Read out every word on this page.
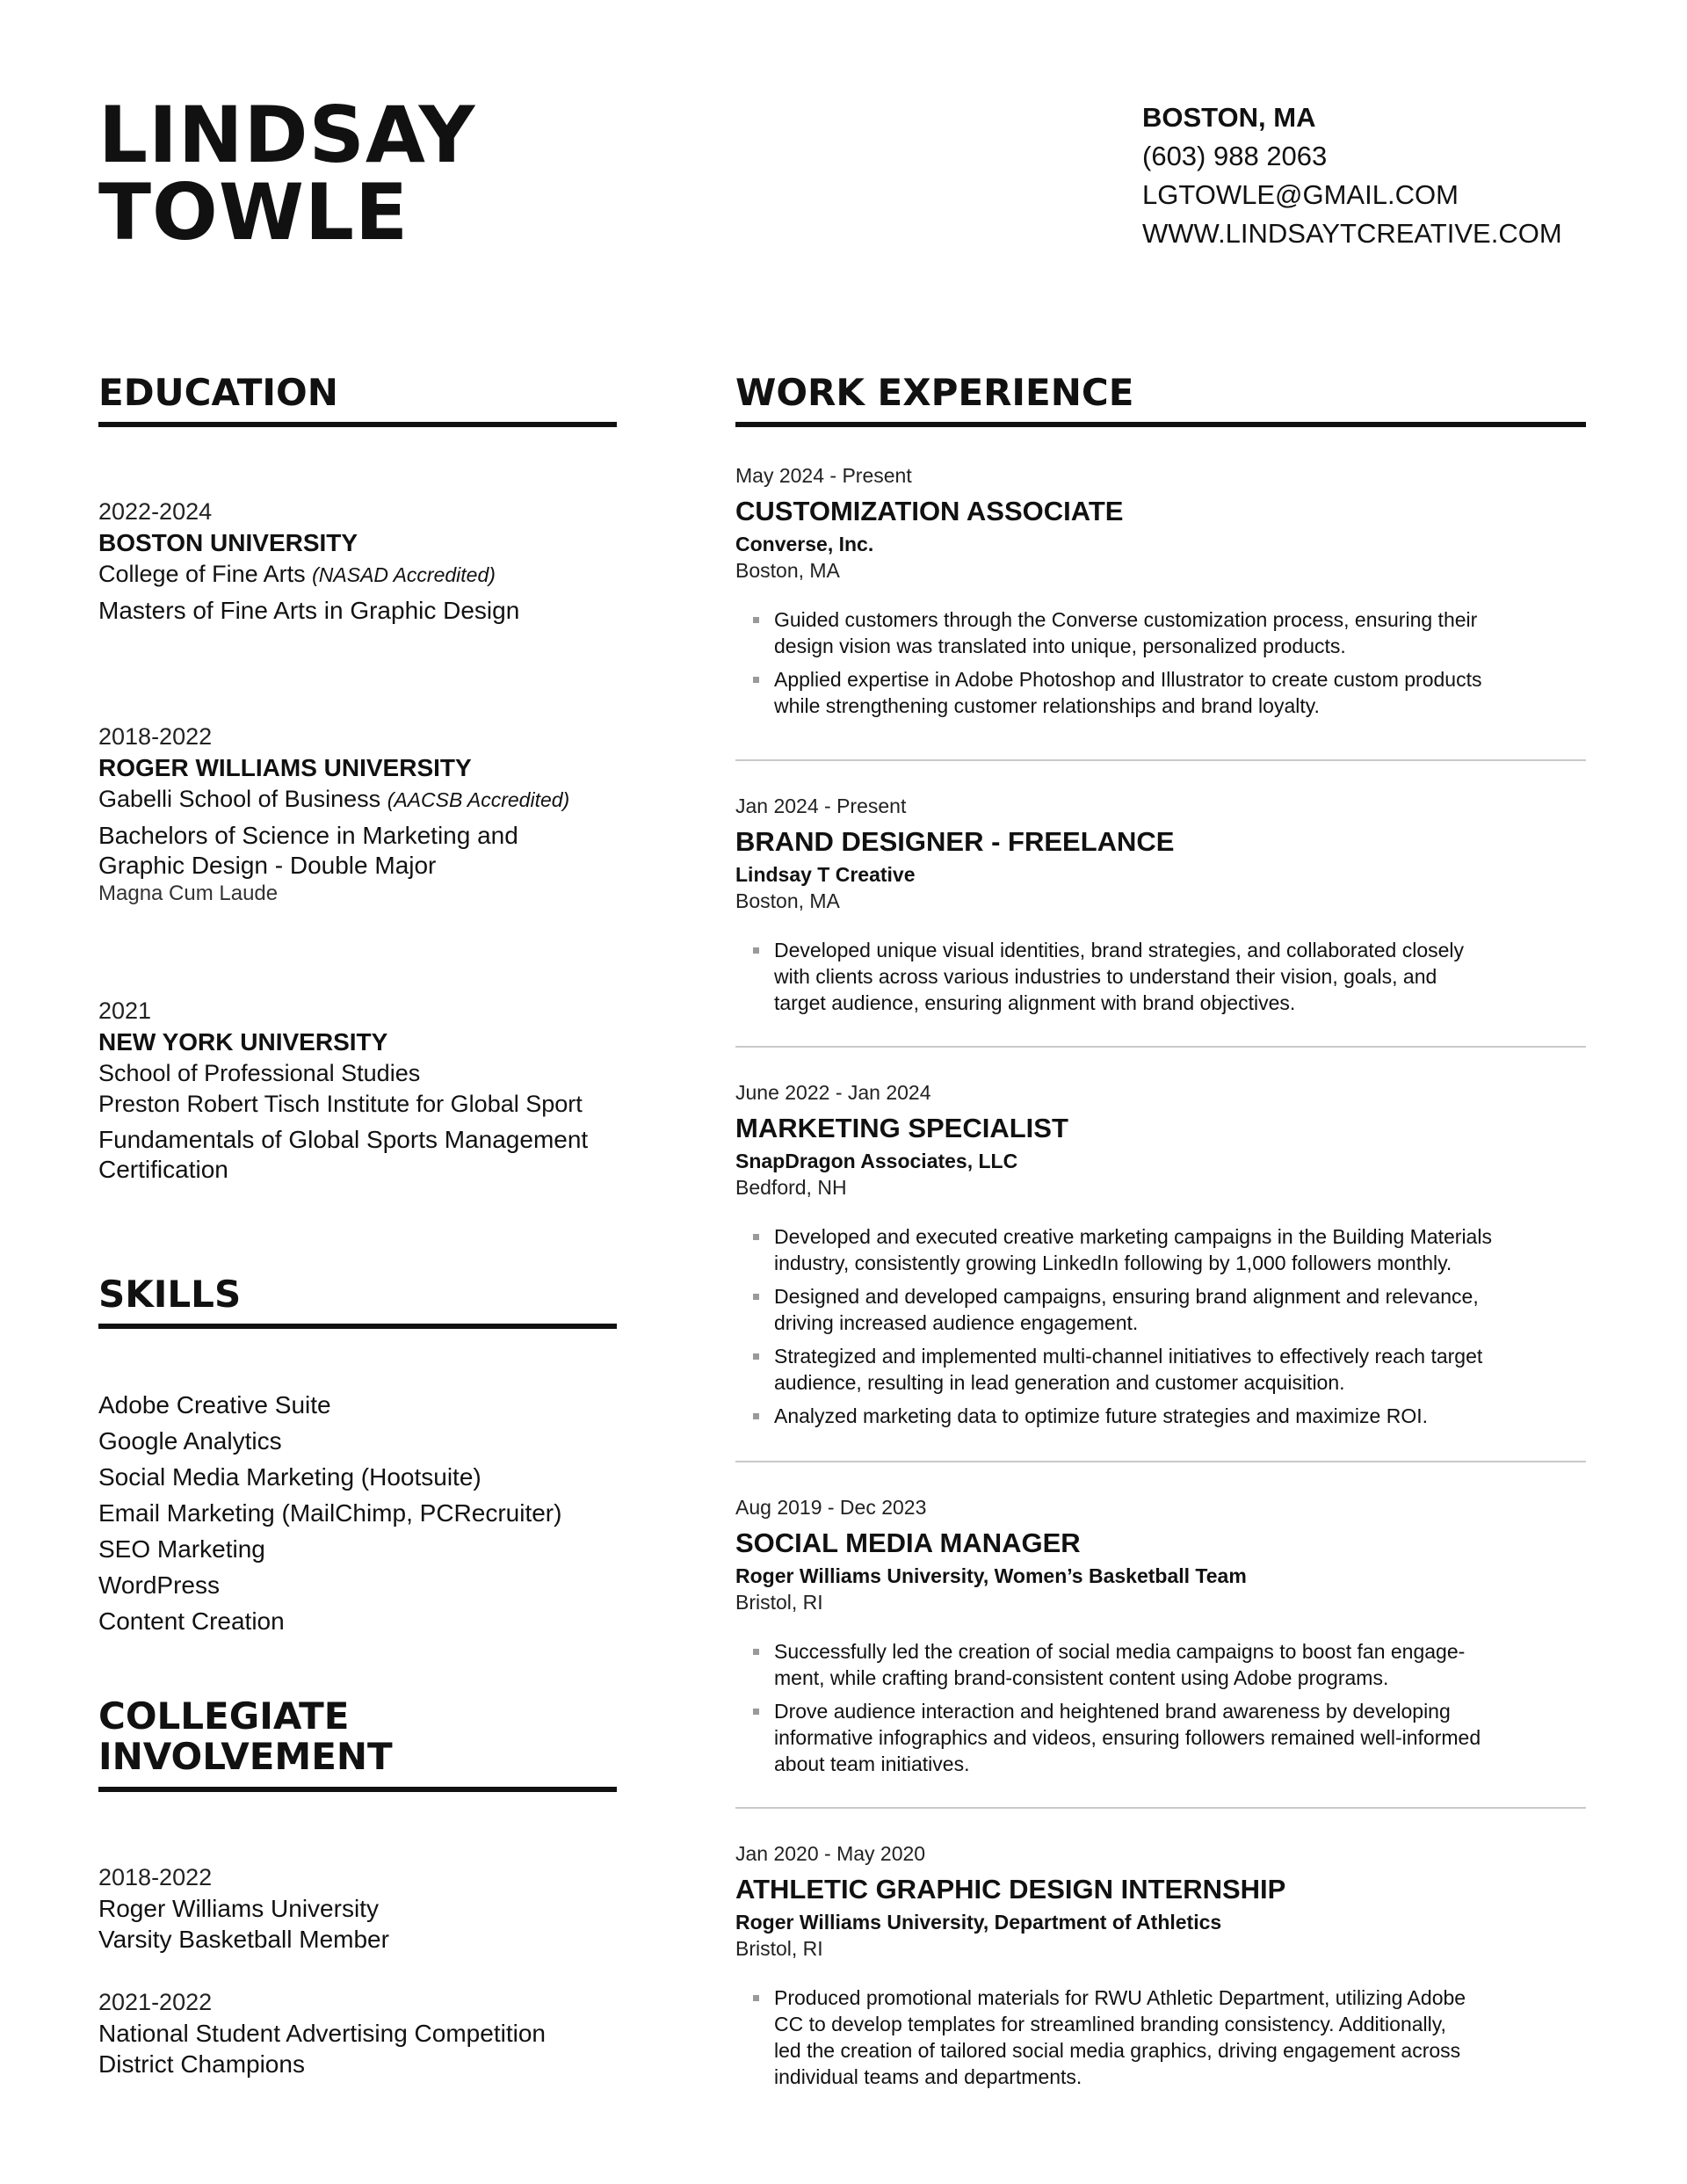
LINDSAY
TOWLE
BOSTON, MA
(603) 988 2063
LGTOWLE@GMAIL.COM
WWW.LINDSAYTCREATIVE.COM
EDUCATION
2022-2024
BOSTON UNIVERSITY
College of Fine Arts (NASAD Accredited)
Masters of Fine Arts in Graphic Design
2018-2022
ROGER WILLIAMS UNIVERSITY
Gabelli School of Business (AACSB Accredited)
Bachelors of Science in Marketing and
Graphic Design - Double Major
Magna Cum Laude
2021
NEW YORK UNIVERSITY
School of Professional Studies
Preston Robert Tisch Institute for Global Sport
Fundamentals of Global Sports Management
Certification
SKILLS
Adobe Creative Suite
Google Analytics
Social Media Marketing (Hootsuite)
Email Marketing (MailChimp, PCRecruiter)
SEO Marketing
WordPress
Content Creation
COLLEGIATE
INVOLVEMENT
2018-2022
Roger Williams University
Varsity Basketball Member
2021-2022
National Student Advertising Competition
District Champions
WORK EXPERIENCE
May 2024 - Present
CUSTOMIZATION ASSOCIATE
Converse, Inc.
Boston, MA
Guided customers through the Converse customization process, ensuring their
design vision was translated into unique, personalized products.
Applied expertise in Adobe Photoshop and Illustrator to create custom products
while strengthening customer relationships and brand loyalty.
Jan 2024 - Present
BRAND DESIGNER - FREELANCE
Lindsay T Creative
Boston, MA
Developed unique visual identities, brand strategies, and collaborated closely
with clients across various industries to understand their vision, goals, and
target audience, ensuring alignment with brand objectives.
June 2022 - Jan 2024
MARKETING SPECIALIST
SnapDragon Associates, LLC
Bedford, NH
Developed and executed creative marketing campaigns in the Building Materials
industry, consistently growing LinkedIn following by 1,000 followers monthly.
Designed and developed campaigns, ensuring brand alignment and relevance,
driving increased audience engagement.
Strategized and implemented multi-channel initiatives to effectively reach target
audience, resulting in lead generation and customer acquisition.
Analyzed marketing data to optimize future strategies and maximize ROI.
Aug 2019 - Dec 2023
SOCIAL MEDIA MANAGER
Roger Williams University, Women’s Basketball Team
Bristol, RI
Successfully led the creation of social media campaigns to boost fan engage-
ment, while crafting brand-consistent content using Adobe programs.
Drove audience interaction and heightened brand awareness by developing
informative infographics and videos, ensuring followers remained well-informed
about team initiatives.
Jan 2020 - May 2020
ATHLETIC GRAPHIC DESIGN INTERNSHIP
Roger Williams University, Department of Athletics
Bristol, RI
Produced promotional materials for RWU Athletic Department, utilizing Adobe
CC to develop templates for streamlined branding consistency. Additionally,
led the creation of tailored social media graphics, driving engagement across
individual teams and departments.
